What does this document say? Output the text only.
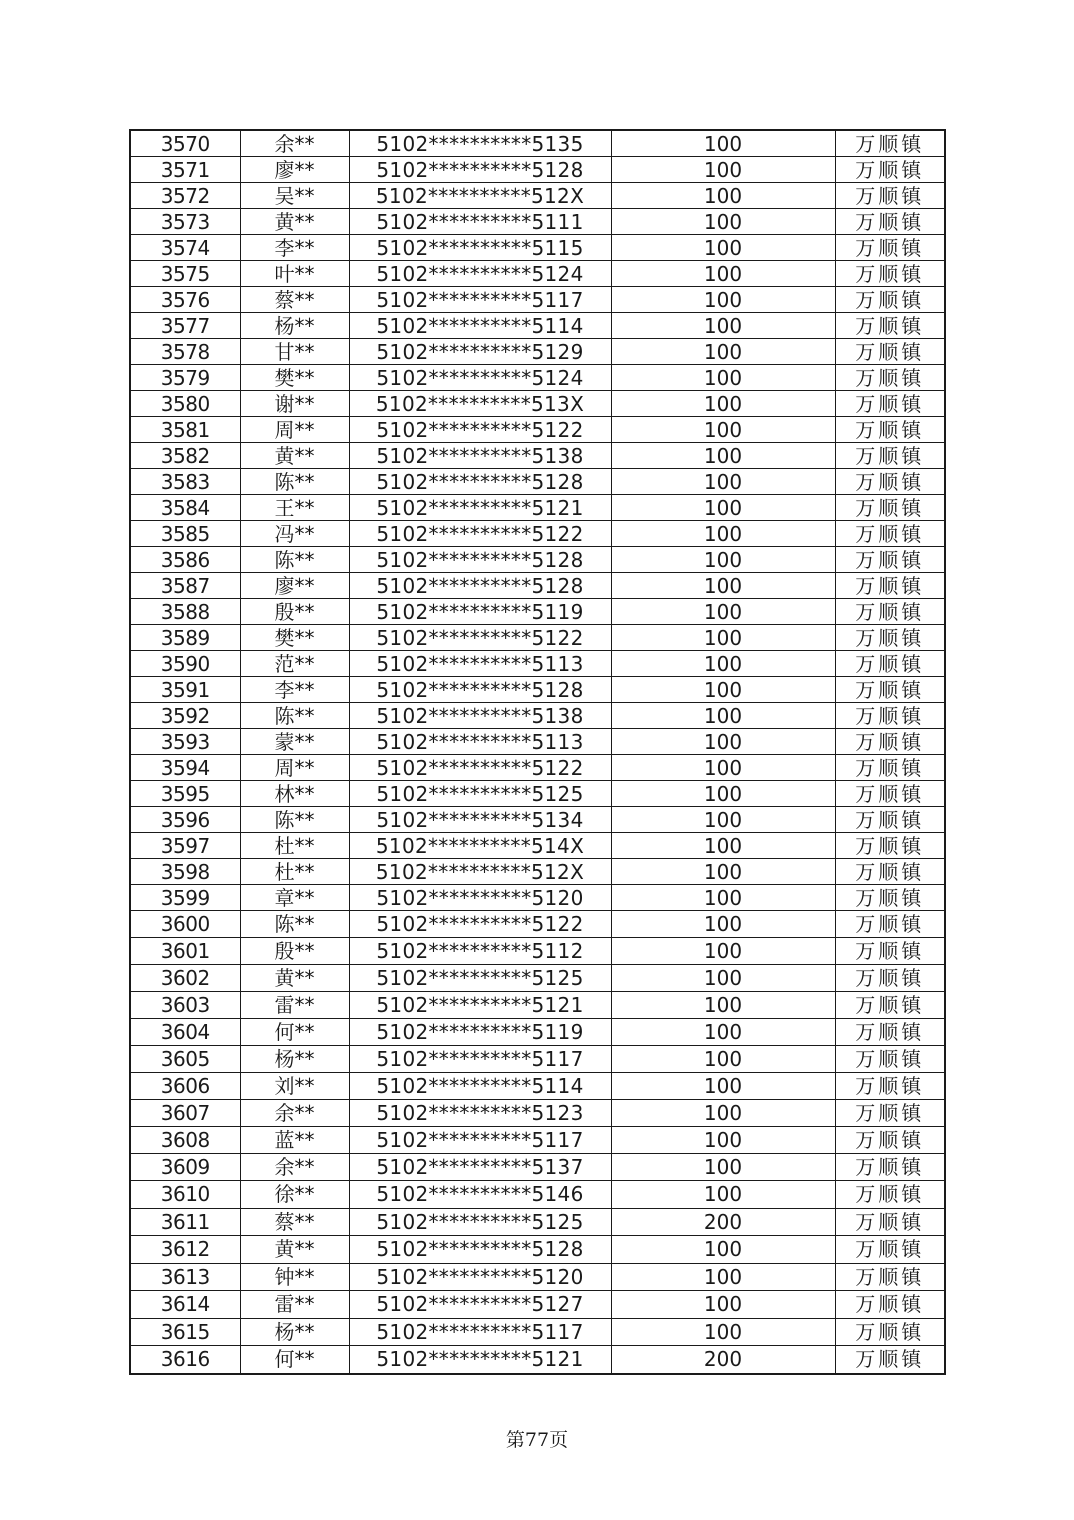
3570	余**	5102**********5135	100	万顺镇
3571	廖**	5102**********5128	100	万顺镇
3572	吴**	5102**********512X	100	万顺镇
3573	黄**	5102**********5111	100	万顺镇
3574	李**	5102**********5115	100	万顺镇
3575	叶**	5102**********5124	100	万顺镇
3576	蔡**	5102**********5117	100	万顺镇
3577	杨**	5102**********5114	100	万顺镇
3578	甘**	5102**********5129	100	万顺镇
3579	樊**	5102**********5124	100	万顺镇
3580	谢**	5102**********513X	100	万顺镇
3581	周**	5102**********5122	100	万顺镇
3582	黄**	5102**********5138	100	万顺镇
3583	陈**	5102**********5128	100	万顺镇
3584	王**	5102**********5121	100	万顺镇
3585	冯**	5102**********5122	100	万顺镇
3586	陈**	5102**********5128	100	万顺镇
3587	廖**	5102**********5128	100	万顺镇
3588	殷**	5102**********5119	100	万顺镇
3589	樊**	5102**********5122	100	万顺镇
3590	范**	5102**********5113	100	万顺镇
3591	李**	5102**********5128	100	万顺镇
3592	陈**	5102**********5138	100	万顺镇
3593	蒙**	5102**********5113	100	万顺镇
3594	周**	5102**********5122	100	万顺镇
3595	林**	5102**********5125	100	万顺镇
3596	陈**	5102**********5134	100	万顺镇
3597	杜**	5102**********514X	100	万顺镇
3598	杜**	5102**********512X	100	万顺镇
3599	章**	5102**********5120	100	万顺镇
3600	陈**	5102**********5122	100	万顺镇
3601	殷**	5102**********5112	100	万顺镇
3602	黄**	5102**********5125	100	万顺镇
3603	雷**	5102**********5121	100	万顺镇
3604	何**	5102**********5119	100	万顺镇
3605	杨**	5102**********5117	100	万顺镇
3606	刘**	5102**********5114	100	万顺镇
3607	余**	5102**********5123	100	万顺镇
3608	蓝**	5102**********5117	100	万顺镇
3609	余**	5102**********5137	100	万顺镇
3610	徐**	5102**********5146	100	万顺镇
3611	蔡**	5102**********5125	200	万顺镇
3612	黄**	5102**********5128	100	万顺镇
3613	钟**	5102**********5120	100	万顺镇
3614	雷**	5102**********5127	100	万顺镇
3615	杨**	5102**********5117	100	万顺镇
3616	何**	5102**********5121	200	万顺镇
第77页
